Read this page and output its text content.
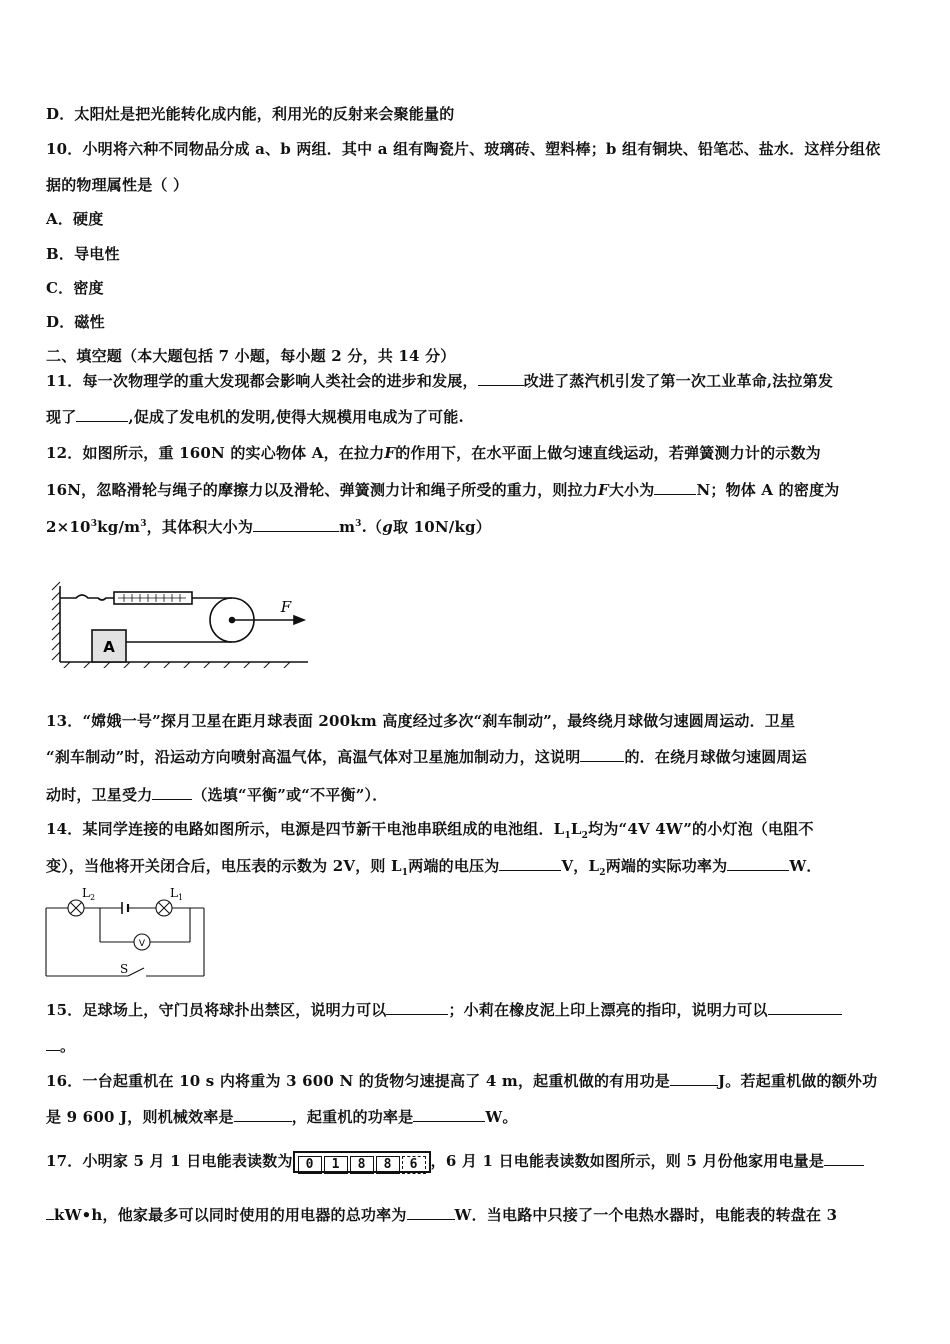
D．太阳灶是把光能转化成内能，利用光的反射来会聚能量的
10．小明将六种不同物品分成 a、b 两组．其中 a 组有陶瓷片、玻璃砖、塑料棒；b 组有铜块、铅笔芯、盐水．这样分组依
据的物理属性是（ ）
A．硬度
B．导电性
C．密度
D．磁性
二、填空题（本大题包括 7 小题，每小题 2 分，共 14 分）
11．每一次物理学的重大发现都会影响人类社会的进步和发展，	改进了蒸汽机引发了第一次工业革命,法拉第发
现了	,促成了发电机的发明,使得大规模用电成为了可能.
12．如图所示，重 160N 的实心物体 A，在拉力F的作用下，在水平面上做匀速直线运动，若弹簧测力计的示数为
16N，忽略滑轮与绳子的摩擦力以及滑轮、弹簧测力计和绳子所受的重力，则拉力F大小为	N；物体 A 的密度为
$2\times 10^3kg/m^3$，其体积大小为	$m^3.(g$取 10N/kg）
A
F
13．“嫦娥一号”探月卫星在距月球表面 200km 高度经过多次“刹车制动”，最终绕月球做匀速圆周运动．卫星
“刹车制动”时，沿运动方向喷射高温气体，高温气体对卫星施加制动力，这说明	的．在绕月球做匀速圆周运
动时，卫星受力	（选填“平衡”或“不平衡”）．
14．某同学连接的电路如图所示，电源是四节新干电池串联组成的电池组．$L_1L_2$均为“4V 4W”的小灯泡（电阻不
变），当他将开关闭合后，电压表的示数为 2V，则 $L_1$两端的电压为	V，$L_2$两端的实际功率为	W．
L 2	L 1
V
S
15．足球场上，守门员将球扑出禁区，说明力可以	；小莉在橡皮泥上印上漂亮的指印，说明力可以
。
16．一台起重机在 10 s 内将重为 3 600 N 的货物匀速提高了 4 m，起重机做的有用功是	J。若起重机做的额外功
是 9 600 J，则机械效率是	，起重机的功率是	W。
17．小明家 5 月 1 日电能表读数为 0 1 8 8 6 ，6 月 1 日电能表读数如图所示，则 5 月份他家用电量是
kW•h，他家最多可以同时使用的用电器的总功率为	W．当电路中只接了一个电热水器时，电能表的转盘在 3
